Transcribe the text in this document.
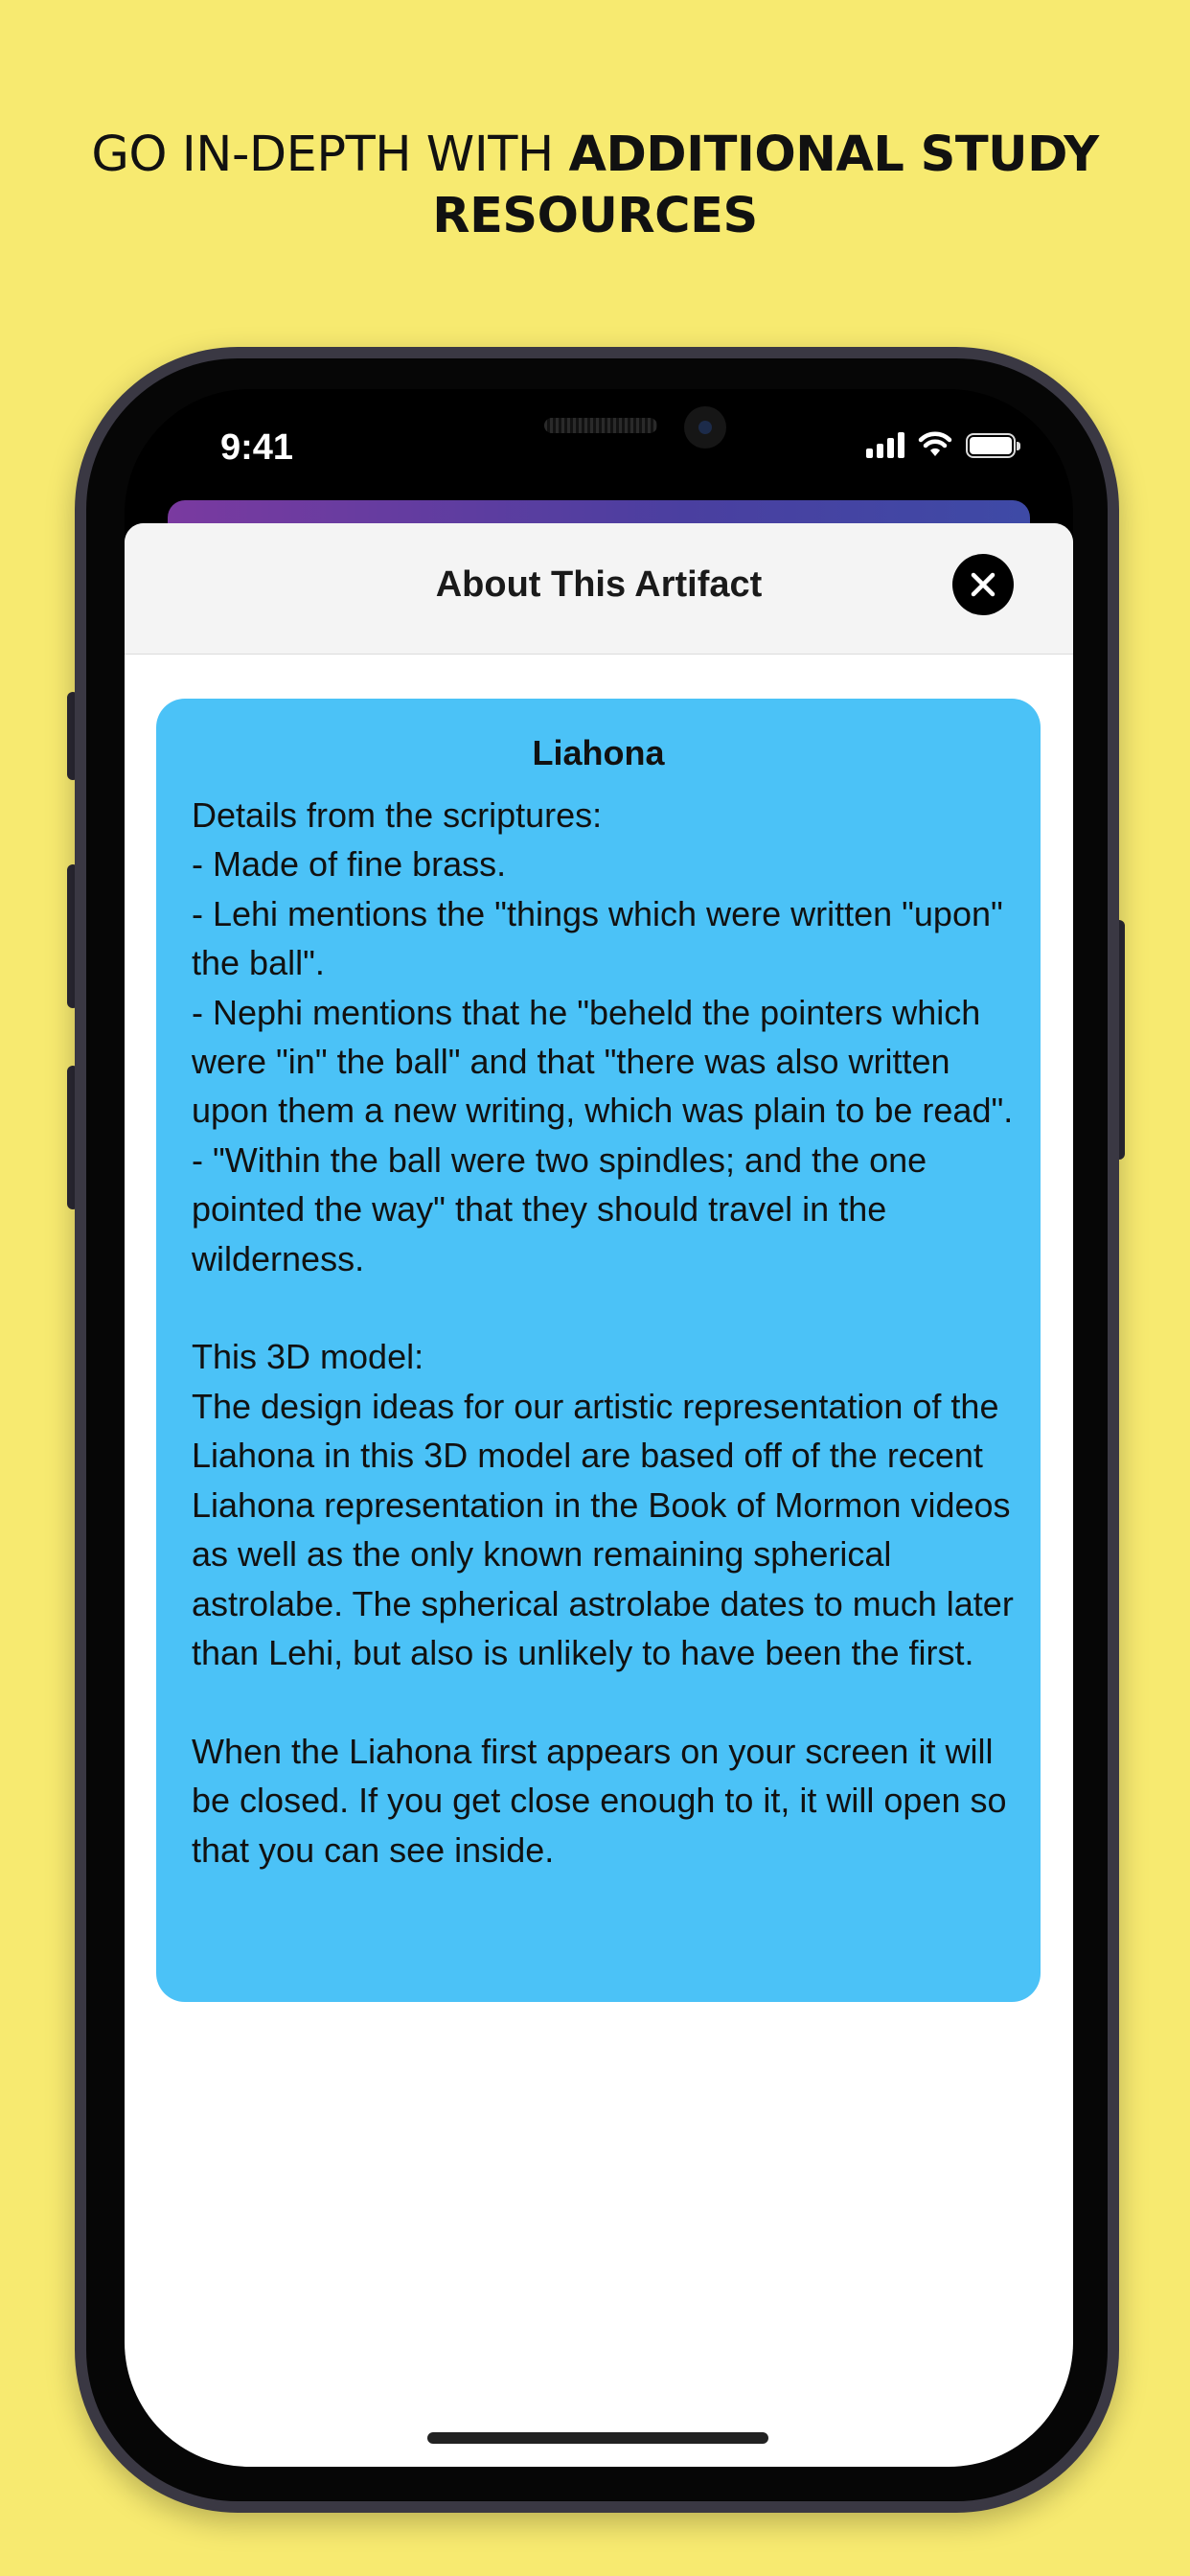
GO IN-DEPTH WITH ADDITIONAL STUDY
RESOURCES
9:41
About This Artifact
Liahona

Details from the scriptures:
- Made of fine brass.
- Lehi mentions the "things which were written "upon" the ball".
- Nephi mentions that he "beheld the pointers which were "in" the ball" and that "there was also written upon them a new writing, which was plain to be read".
- "Within the ball were two spindles; and the one pointed the way" that they should travel in the wilderness.

This 3D model:
The design ideas for our artistic representation of the Liahona in this 3D model are based off of the recent Liahona representation in the Book of Mormon videos as well as the only known remaining spherical astrolabe. The spherical astrolabe dates to much later than Lehi, but also is unlikely to have been the first.

When the Liahona first appears on your screen it will be closed. If you get close enough to it, it will open so that you can see inside.
